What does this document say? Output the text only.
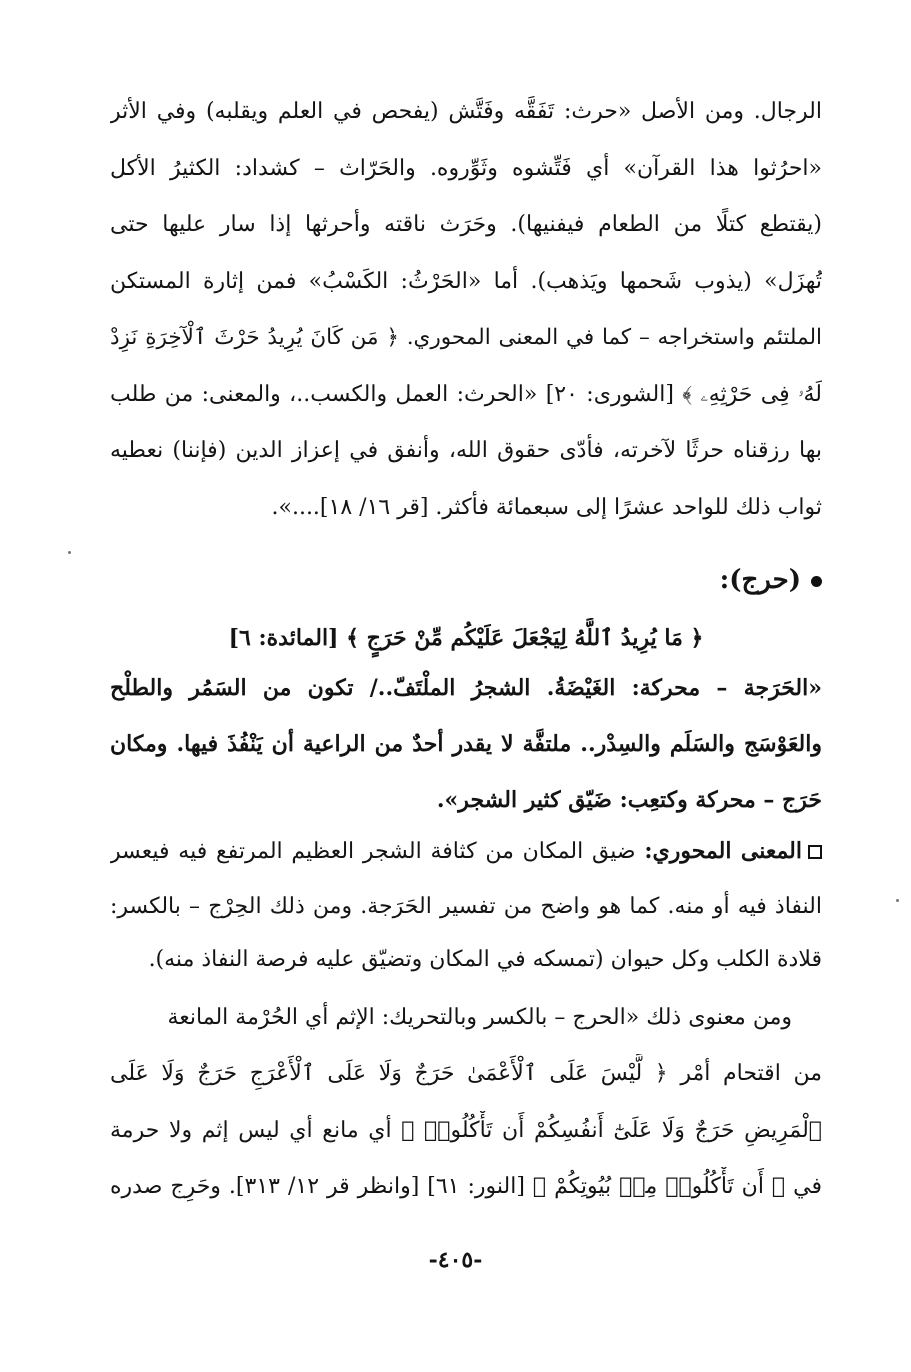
الرجال. ومن الأصل «حرث: تَفَقَّه وفَتَّش (يفحص في العلم ويقلبه) وفي الأثر
«احرُثوا هذا القرآن» أي فَتِّشوه وثَوِّروه. والحَرّاث – كشداد: الكثيرُ الأكل
(يقتطع كتلًا من الطعام فيفنيها). وحَرَث ناقته وأحرثها إذا سار عليها حتى
تُهزَل» (يذوب شَحمها ويَذهب). أما «الحَرْثُ: الكَسْبُ» فمن إثارة المستكن
الملتئم واستخراجه – كما في المعنى المحوري. ﴿ مَن كَانَ يُرِيدُ حَرْثَ ٱلْآخِرَةِ نَزِدْ
لَهُۥ فِى حَرْثِهِۦ ﴾ [الشورى: ٢٠] «الحرث: العمل والكسب..، والمعنى: من طلب
بها رزقناه حرثًا لآخرته، فأدّى حقوق الله، وأنفق في إعزاز الدين (فإننا) نعطيه
ثواب ذلك للواحد عشرًا إلى سبعمائة فأكثر. [قر ١٦/ ١٨]....».
﴿ مَا يُرِيدُ ٱللَّهُ لِيَجْعَلَ عَلَيْكُم مِّنْ حَرَجٍ ﴾ [المائدة: ٦]
«الحَرَجة – محركة: الغَيْضَةُ. الشجرُ الملْتَفّ../ تكون من السَمُر والطلْح
والعَوْسَج والسَلَم والسِدْر.. ملتفَّة لا يقدر أحدٌ من الراعية أن يَنْفُذَ فيها. ومكان
حَرَج – محركة وكتعِب: ضَيّق كثير الشجر».
المعنى المحوري: ضيق المكان من كثافة الشجر العظيم المرتفع فيه فيعسر
النفاذ فيه أو منه. كما هو واضح من تفسير الحَرَجة. ومن ذلك الحِرْج – بالكسر:
قلادة الكلب وكل حيوان (تمسكه في المكان وتضيّق عليه فرصة النفاذ منه).
ومن معنوى ذلك «الحرج – بالكسر وبالتحريك: الإثم أي الحُرْمة المانعة
من اقتحام أمْر ﴿ لَّيْسَ عَلَى ٱلْأَعْمَىٰ حَرَجٌ وَلَا عَلَى ٱلْأَعْرَجِ حَرَجٌ وَلَا عَلَى
ٱلْمَرِيضِ حَرَجٌ وَلَا عَلَىٰٓ أَنفُسِكُمْ أَن تَأْكُلُوا۟ ﴾ أي مانع أي ليس إثم ولا حرمة
في ﴿ أَن تَأْكُلُوا۟ مِنۢ بُيُوتِكُمْ ﴾ [النور: ٦١] [وانظر قر ١٢/ ٣١٣]. وحَرِج صدره
(حرج):
-٤٠٥-
